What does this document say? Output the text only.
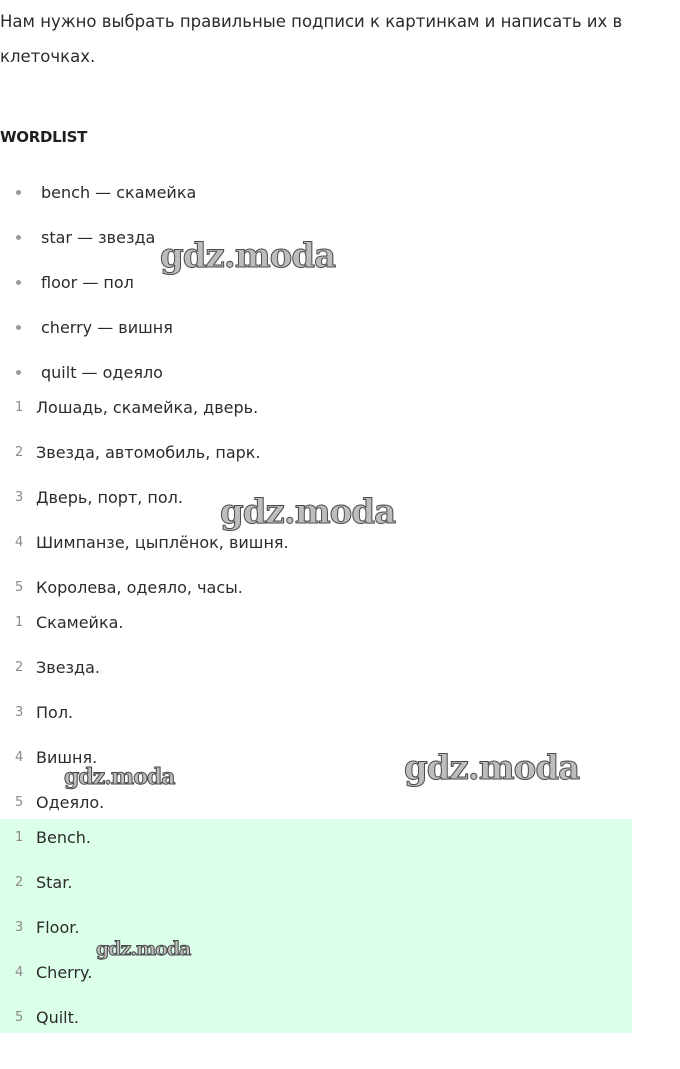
Нам нужно выбрать правильные подписи к картинкам и написать их в клеточках.

WORDLIST
bench — скамейка
star — звезда
floor — пол
cherry — вишня
quilt — одеяло
1 Лошадь, скамейка, дверь.
2 Звезда, автомобиль, парк.
3 Дверь, порт, пол.
4 Шимпанзе, цыплёнок, вишня.
5 Королева, одеяло, часы.
1 Скамейка.
2 Звезда.
3 Пол.
4 Вишня.
5 Одеяло.
1 Bench.
2 Star.
3 Floor.
4 Cherry.
5 Quilt.
gdz.moda
gdz.moda
gdz.moda
gdz.moda
gdz.moda
